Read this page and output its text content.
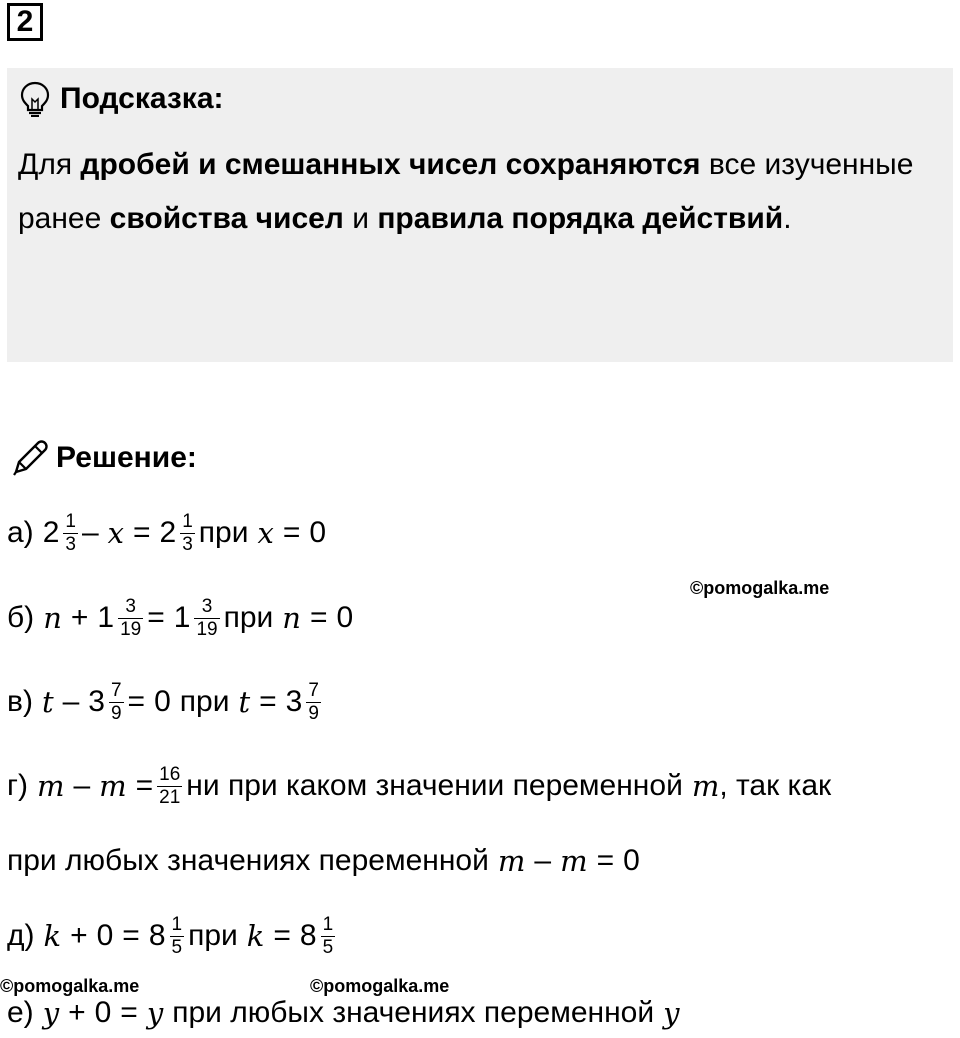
2
Подсказка:
Для дробей и смешанных чисел сохраняются все изученные ранее свойства чисел и правила порядка действий.
Решение:
а) $2 \frac{1}{3} - x = 2 \frac{1}{3}$ при x = 0
©pomogalka.me
б) $n + 1 \frac{3}{19} = 1 \frac{3}{19}$ при n = 0
в) $t - 3 \frac{7}{9} = 0$ при $t = 3 \frac{7}{9}$
г) $m - m = \frac{16}{21}$ ни при каком значении переменной m , так как
при любых значениях переменной m – m = 0
д) $k + 0 = 8 \frac{1}{5}$ при $k = 8 \frac{1}{5}$
©pomogalka.me	©pomogalka.me
е) y + 0 = y при любых значениях переменной y
